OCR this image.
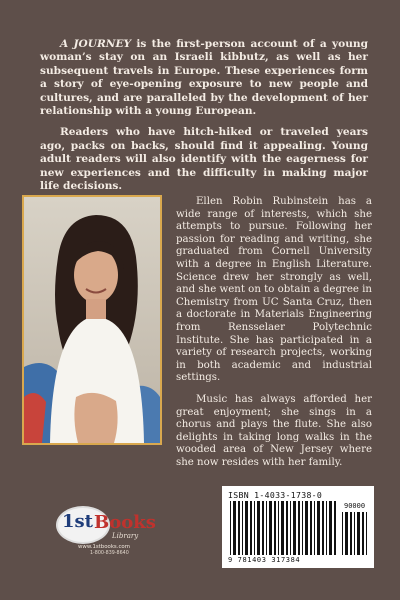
A JOURNEY is the first-person account of a young woman’s stay on an Israeli kibbutz, as well as her subsequent travels in Europe. These experiences form a story of eye-opening exposure to new people and cultures, and are paralleled by the development of her relationship with a young European.

Readers who have hitch-hiked or traveled years ago, packs on backs, should find it appealing. Young adult readers will also identify with the eagerness for new experiences and the difficulty in making major life decisions.

Ellen Robin Rubinstein has a wide range of interests, which she attempts to pursue. Following her passion for reading and writing, she graduated from Cornell University with a degree in English Literature. Science drew her strongly as well, and she went on to obtain a degree in Chemistry from UC Santa Cruz, then a doctorate in Materials Engineering from Rensselaer Polytechnic Institute. She has participated in a variety of research projects, working in both academic and industrial settings.

Music has always afforded her great enjoyment; she sings in a chorus and plays the flute. She also delights in taking long walks in the wooded area of New Jersey where she now resides with her family.

1st Books
Library
www.1stbooks.com
1-800-839-8640
ISBN 1-4033-1738-0
90000
9 781403 317384
